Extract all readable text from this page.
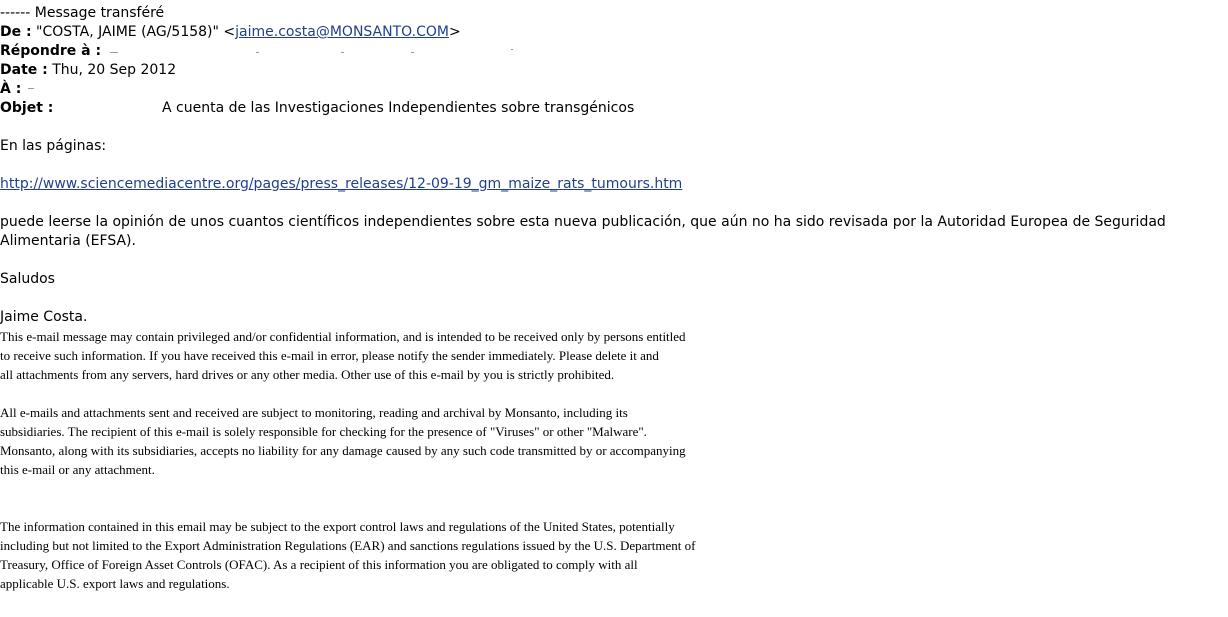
------ Message transféré
De : "COSTA, JAIME (AG/5158)" <jaime.costa@MONSANTO.COM>
Répondre à :
Date : Thu, 20 Sep 2012
À :
Objet :	A cuenta de las Investigaciones Independientes sobre transgénicos
En las páginas:
http://www.sciencemediacentre.org/pages/press_releases/12-09-19_gm_maize_rats_tumours.htm
puede leerse la opinión de unos cuantos científicos independientes sobre esta nueva publicación, que aún no ha sido revisada por la Autoridad Europea de Seguridad Alimentaria (EFSA).
Saludos
Jaime Costa.
This e-mail message may contain privileged and/or confidential information, and is intended to be received only by persons entitled
to receive such information. If you have received this e-mail in error, please notify the sender immediately. Please delete it and
all attachments from any servers, hard drives or any other media. Other use of this e-mail by you is strictly prohibited.
All e-mails and attachments sent and received are subject to monitoring, reading and archival by Monsanto, including its
subsidiaries. The recipient of this e-mail is solely responsible for checking for the presence of "Viruses" or other "Malware".
Monsanto, along with its subsidiaries, accepts no liability for any damage caused by any such code transmitted by or accompanying
this e-mail or any attachment.
The information contained in this email may be subject to the export control laws and regulations of the United States, potentially
including but not limited to the Export Administration Regulations (EAR) and sanctions regulations issued by the U.S. Department of
Treasury, Office of Foreign Asset Controls (OFAC). As a recipient of this information you are obligated to comply with all
applicable U.S. export laws and regulations.
